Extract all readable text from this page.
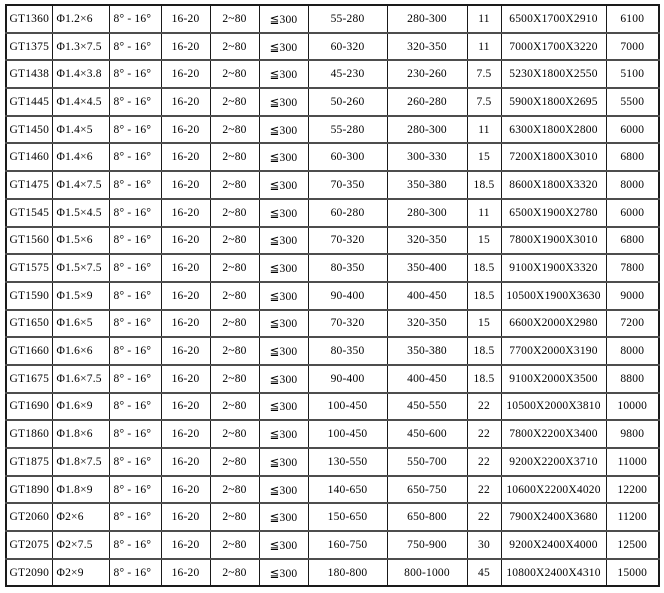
GT1360	Φ1.2×6	8° - 16°	16-20	2~80	≦300	55-280	280-300	11	6500X1700X2910	6100
GT1375	Φ1.3×7.5	8° - 16°	16-20	2~80	≦300	60-320	320-350	11	7000X1700X3220	7000
GT1438	Φ1.4×3.8	8° - 16°	16-20	2~80	≦300	45-230	230-260	7.5	5230X1800X2550	5100
GT1445	Φ1.4×4.5	8° - 16°	16-20	2~80	≦300	50-260	260-280	7.5	5900X1800X2695	5500
GT1450	Φ1.4×5	8° - 16°	16-20	2~80	≦300	55-280	280-300	11	6300X1800X2800	6000
GT1460	Φ1.4×6	8° - 16°	16-20	2~80	≦300	60-300	300-330	15	7200X1800X3010	6800
GT1475	Φ1.4×7.5	8° - 16°	16-20	2~80	≦300	70-350	350-380	18.5	8600X1800X3320	8000
GT1545	Φ1.5×4.5	8° - 16°	16-20	2~80	≦300	60-280	280-300	11	6500X1900X2780	6000
GT1560	Φ1.5×6	8° - 16°	16-20	2~80	≦300	70-320	320-350	15	7800X1900X3010	6800
GT1575	Φ1.5×7.5	8° - 16°	16-20	2~80	≦300	80-350	350-400	18.5	9100X1900X3320	7800
GT1590	Φ1.5×9	8° - 16°	16-20	2~80	≦300	90-400	400-450	18.5	10500X1900X3630	9000
GT1650	Φ1.6×5	8° - 16°	16-20	2~80	≦300	70-320	320-350	15	6600X2000X2980	7200
GT1660	Φ1.6×6	8° - 16°	16-20	2~80	≦300	80-350	350-380	18.5	7700X2000X3190	8000
GT1675	Φ1.6×7.5	8° - 16°	16-20	2~80	≦300	90-400	400-450	18.5	9100X2000X3500	8800
GT1690	Φ1.6×9	8° - 16°	16-20	2~80	≦300	100-450	450-550	22	10500X2000X3810	10000
GT1860	Φ1.8×6	8° - 16°	16-20	2~80	≦300	100-450	450-600	22	7800X2200X3400	9800
GT1875	Φ1.8×7.5	8° - 16°	16-20	2~80	≦300	130-550	550-700	22	9200X2200X3710	11000
GT1890	Φ1.8×9	8° - 16°	16-20	2~80	≦300	140-650	650-750	22	10600X2200X4020	12200
GT2060	Φ2×6	8° - 16°	16-20	2~80	≦300	150-650	650-800	22	7900X2400X3680	11200
GT2075	Φ2×7.5	8° - 16°	16-20	2~80	≦300	160-750	750-900	30	9200X2400X4000	12500
GT2090	Φ2×9	8° - 16°	16-20	2~80	≦300	180-800	800-1000	45	10800X2400X4310	15000
